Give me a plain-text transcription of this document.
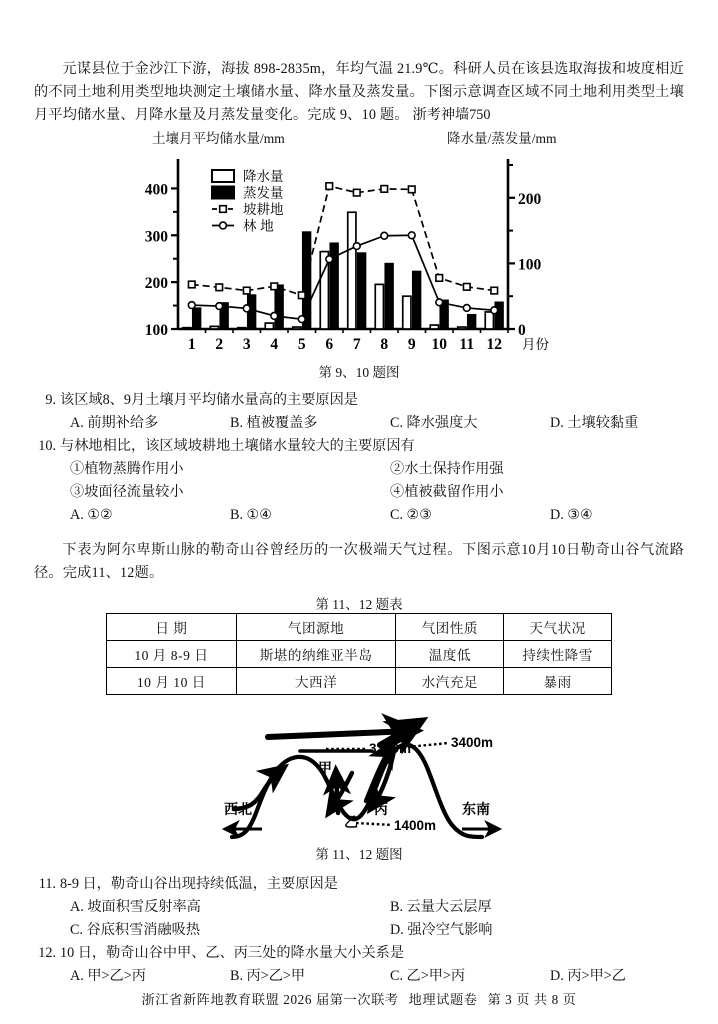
元谋县位于金沙江下游，海拔 898-2835m，年均气温 21.9℃。科研人员在该县选取海拔和坡度相近的不同土地利用类型地块测定土壤储水量、降水量及蒸发量。下图示意调查区域不同土地利用类型土壤月平均储水量、月降水量及月蒸发量变化。完成 9、10 题。 浙考神墙750
土壤月平均储水量/mm	降水量/蒸发量/mm
100
200
300
400
0
100
200
1 2 3 4 5 6 7 8 9 10 11 12 月份
降水量
蒸发量
坡耕地
林 地
第 9、10 题图
9. 该区域8、9月土壤月平均储水量高的主要原因是
A. 前期补给多	B. 植被覆盖多	C. 降水强度大	D. 土壤较黏重
10. 与林地相比，该区域坡耕地土壤储水量较大的主要原因有
①植物蒸腾作用小	②水土保持作用强
③坡面径流量较小	④植被截留作用小
A. ①②	B. ①④	C. ②③	D. ③④
下表为阿尔卑斯山脉的勒奇山谷曾经历的一次极端天气过程。下图示意10月10日勒奇山谷气流路径。完成11、12题。
第 11、12 题表
日 期	气团源地	气团性质	天气状况
10 月 8-9 日	斯堪的纳维亚半岛	温度低	持续性降雪
10 月 10 日	大西洋	水汽充足	暴雨
3200m	3400m
1400m
甲
乙
丙
西北	东南
第 11、12 题图
11. 8-9 日，勒奇山谷出现持续低温，主要原因是
A. 坡面积雪反射率高	B. 云量大云层厚
C. 谷底积雪消融吸热	D. 强冷空气影响
12. 10 日，勒奇山谷中甲、乙、丙三处的降水量大小关系是
A. 甲>乙>丙	B. 丙>乙>甲	C. 乙>甲>丙	D. 丙>甲>乙
浙江省新阵地教育联盟 2026 届第一次联考 地理试题卷 第 3 页 共 8 页
